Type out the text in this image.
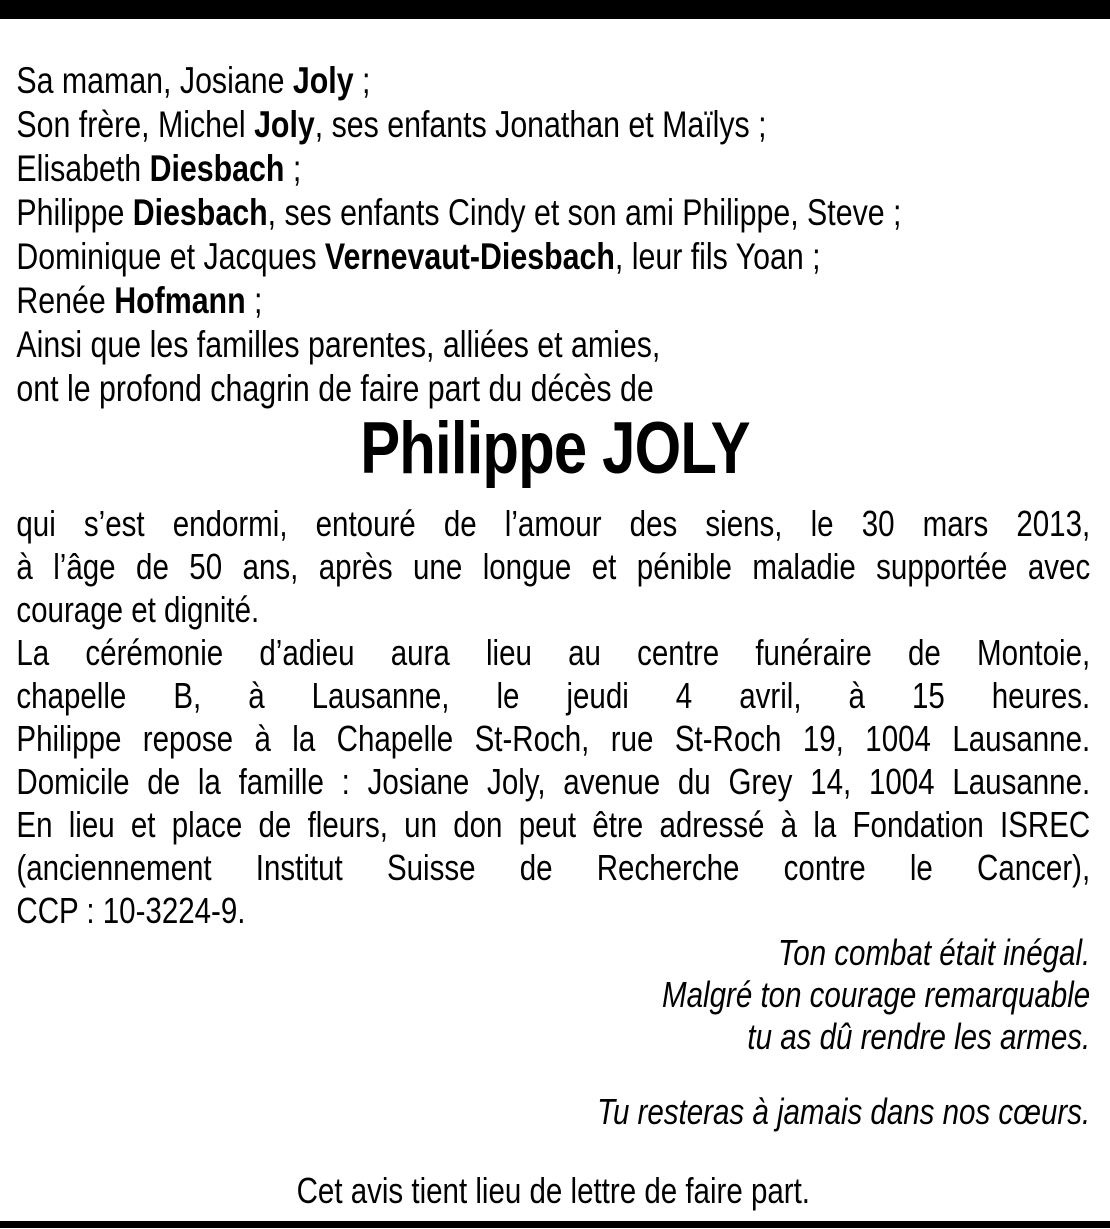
Sa maman, Josiane Joly ;
Son frère, Michel Joly, ses enfants Jonathan et Maïlys ;
Elisabeth Diesbach ;
Philippe Diesbach, ses enfants Cindy et son ami Philippe, Steve ;
Dominique et Jacques Vernevaut-Diesbach, leur fils Yoan ;
Renée Hofmann ;
Ainsi que les familles parentes, alliées et amies,
ont le profond chagrin de faire part du décès de
Philippe JOLY
qui s’est endormi, entouré de l’amour des siens, le 30 mars 2013,
à l’âge de 50 ans, après une longue et pénible maladie supportée avec
courage et dignité.
La cérémonie d’adieu aura lieu au centre funéraire de Montoie,
chapelle B, à Lausanne, le jeudi 4 avril, à 15 heures.
Philippe repose à la Chapelle St-Roch, rue St-Roch 19, 1004 Lausanne.
Domicile de la famille : Josiane Joly, avenue du Grey 14, 1004 Lausanne.
En lieu et place de fleurs, un don peut être adressé à la Fondation ISREC
(anciennement Institut Suisse de Recherche contre le Cancer),
CCP : 10-3224-9.
Ton combat était inégal.
Malgré ton courage remarquable
tu as dû rendre les armes.
Tu resteras à jamais dans nos cœurs.
Cet avis tient lieu de lettre de faire part.
